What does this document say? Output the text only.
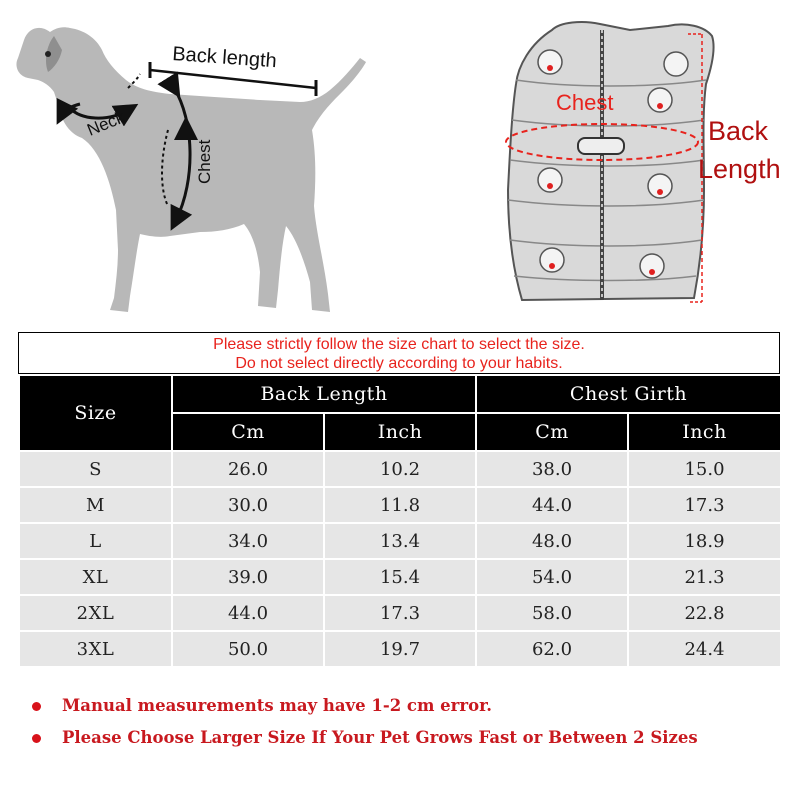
Back length
Neck
Chest
Chest
Back
Length
Please strictly follow the size chart to select the size.
Do not select directly according to your habits.
Size	Back Length		Chest Girth	
	Cm	Inch	Cm	Inch
S	26.0	10.2	38.0	15.0
M	30.0	11.8	44.0	17.3
L	34.0	13.4	48.0	18.9
XL	39.0	15.4	54.0	21.3
2XL	44.0	17.3	58.0	22.8
3XL	50.0	19.7	62.0	24.4
Manual measurements may have 1-2 cm error.
Please Choose Larger Size If Your Pet Grows Fast or Between 2 Sizes
